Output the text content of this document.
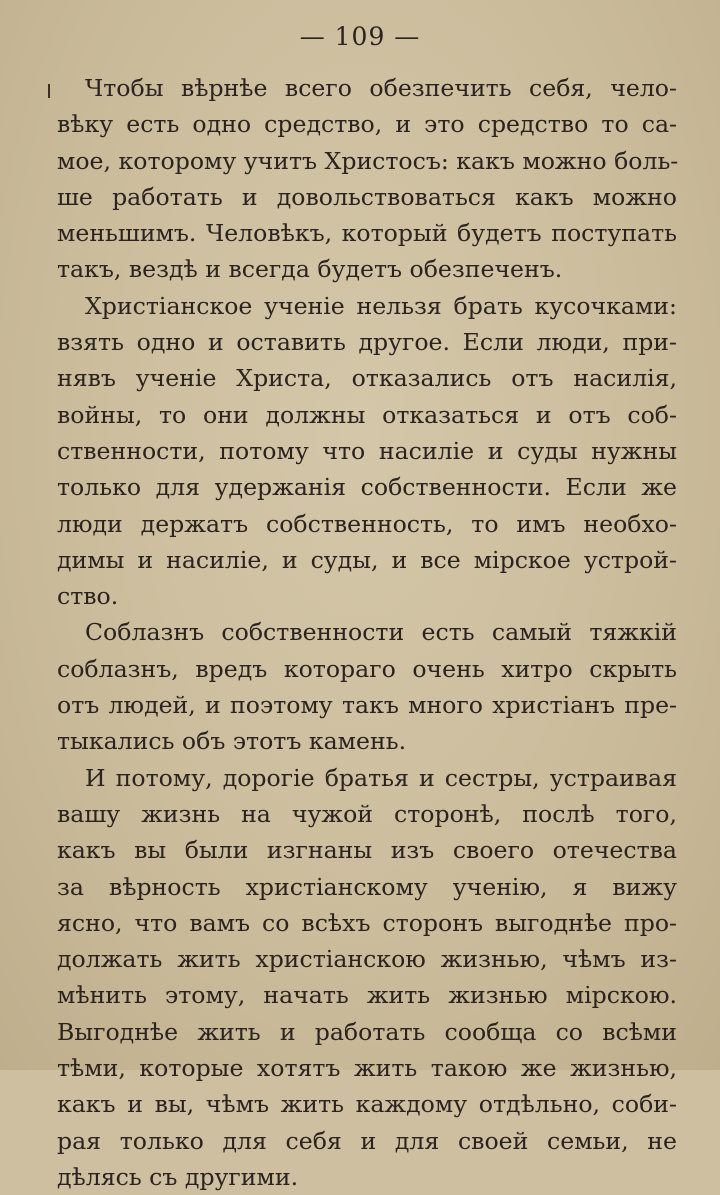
— 109 —
Чтобы вѣрнѣе всего обезпечить себя, чело-
вѣку есть одно средство, и это средство то са-
мое, которому учитъ Христосъ: какъ можно боль-
ше работать и довольствоваться какъ можно
меньшимъ. Человѣкъ, который будетъ поступать
такъ, вездѣ и всегда будетъ обезпеченъ.
Христіанское ученіе нельзя брать кусочками:
взять одно и оставить другое. Если люди, при-
нявъ ученіе Христа, отказались отъ насилія,
войны, то они должны отказаться и отъ соб-
ственности, потому что насиліе и суды нужны
только для удержанія собственности. Если же
люди держатъ собственность, то имъ необхо-
димы и насиліе, и суды, и все мірское устрой-
ство.
Соблазнъ собственности есть самый тяжкій
соблазнъ, вредъ котораго очень хитро скрыть
отъ людей, и поэтому такъ много христіанъ пре-
тыкались объ этотъ камень.
И потому, дорогіе братья и сестры, устраивая
вашу жизнь на чужой сторонѣ, послѣ того,
какъ вы были изгнаны изъ своего отечества
за вѣрность христіанскому ученію, я вижу
ясно, что вамъ со всѣхъ сторонъ выгоднѣе про-
должать жить христіанскою жизнью, чѣмъ из-
мѣнить этому, начать жить жизнью мірскою.
Выгоднѣе жить и работать сообща со всѣми
тѣми, которые хотятъ жить такою же жизнью,
какъ и вы, чѣмъ жить каждому отдѣльно, соби-
рая только для себя и для своей семьи, не
дѣлясь съ другими.
